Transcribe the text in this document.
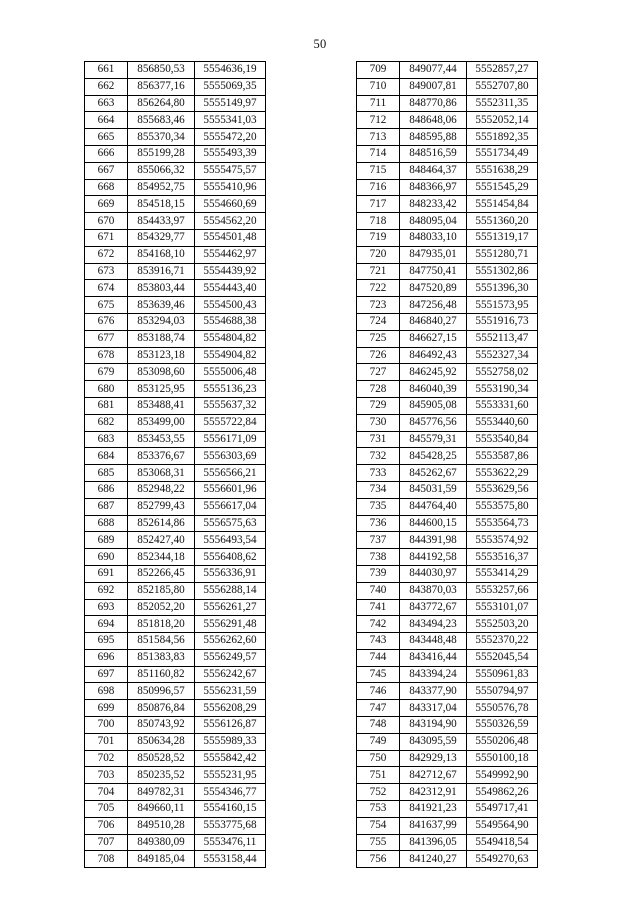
50
661	856850,53	5554636,19
662	856377,16	5555069,35
663	856264,80	5555149,97
664	855683,46	5555341,03
665	855370,34	5555472,20
666	855199,28	5555493,39
667	855066,32	5555475,57
668	854952,75	5555410,96
669	854518,15	5554660,69
670	854433,97	5554562,20
671	854329,77	5554501,48
672	854168,10	5554462,97
673	853916,71	5554439,92
674	853803,44	5554443,40
675	853639,46	5554500,43
676	853294,03	5554688,38
677	853188,74	5554804,82
678	853123,18	5554904,82
679	853098,60	5555006,48
680	853125,95	5555136,23
681	853488,41	5555637,32
682	853499,00	5555722,84
683	853453,55	5556171,09
684	853376,67	5556303,69
685	853068,31	5556566,21
686	852948,22	5556601,96
687	852799,43	5556617,04
688	852614,86	5556575,63
689	852427,40	5556493,54
690	852344,18	5556408,62
691	852266,45	5556336,91
692	852185,80	5556288,14
693	852052,20	5556261,27
694	851818,20	5556291,48
695	851584,56	5556262,60
696	851383,83	5556249,57
697	851160,82	5556242,67
698	850996,57	5556231,59
699	850876,84	5556208,29
700	850743,92	5556126,87
701	850634,28	5555989,33
702	850528,52	5555842,42
703	850235,52	5555231,95
704	849782,31	5554346,77
705	849660,11	5554160,15
706	849510,28	5553775,68
707	849380,09	5553476,11
708	849185,04	5553158,44
709	849077,44	5552857,27
710	849007,81	5552707,80
711	848770,86	5552311,35
712	848648,06	5552052,14
713	848595,88	5551892,35
714	848516,59	5551734,49
715	848464,37	5551638,29
716	848366,97	5551545,29
717	848233,42	5551454,84
718	848095,04	5551360,20
719	848033,10	5551319,17
720	847935,01	5551280,71
721	847750,41	5551302,86
722	847520,89	5551396,30
723	847256,48	5551573,95
724	846840,27	5551916,73
725	846627,15	5552113,47
726	846492,43	5552327,34
727	846245,92	5552758,02
728	846040,39	5553190,34
729	845905,08	5553331,60
730	845776,56	5553440,60
731	845579,31	5553540,84
732	845428,25	5553587,86
733	845262,67	5553622,29
734	845031,59	5553629,56
735	844764,40	5553575,80
736	844600,15	5553564,73
737	844391,98	5553574,92
738	844192,58	5553516,37
739	844030,97	5553414,29
740	843870,03	5553257,66
741	843772,67	5553101,07
742	843494,23	5552503,20
743	843448,48	5552370,22
744	843416,44	5552045,54
745	843394,24	5550961,83
746	843377,90	5550794,97
747	843317,04	5550576,78
748	843194,90	5550326,59
749	843095,59	5550206,48
750	842929,13	5550100,18
751	842712,67	5549992,90
752	842312,91	5549862,26
753	841921,23	5549717,41
754	841637,99	5549564,90
755	841396,05	5549418,54
756	841240,27	5549270,63
